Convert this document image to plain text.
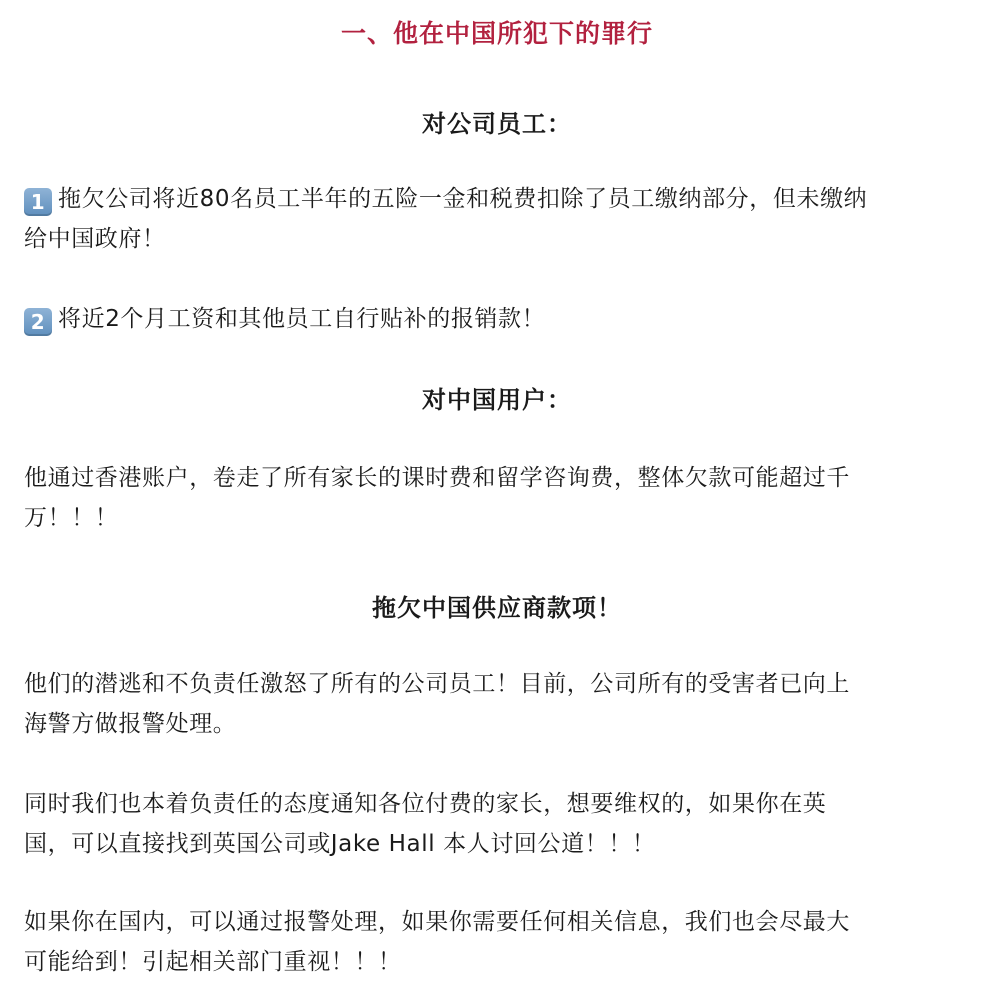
一、他在中国所犯下的罪行
对公司员工：
1 拖欠公司将近80名员工半年的五险一金和税费扣除了员工缴纳部分，但未缴纳
给中国政府！
2 将近2个月工资和其他员工自行贴补的报销款！
对中国用户：
他通过香港账户，卷走了所有家长的课时费和留学咨询费，整体欠款可能超过千
万！！！
拖欠中国供应商款项！
他们的潜逃和不负责任激怒了所有的公司员工！目前，公司所有的受害者已向上
海警方做报警处理。
同时我们也本着负责任的态度通知各位付费的家长，想要维权的，如果你在英
国，可以直接找到英国公司或Jake Hall 本人讨回公道！！！
如果你在国内，可以通过报警处理，如果你需要任何相关信息，我们也会尽最大
可能给到！引起相关部门重视！！！
